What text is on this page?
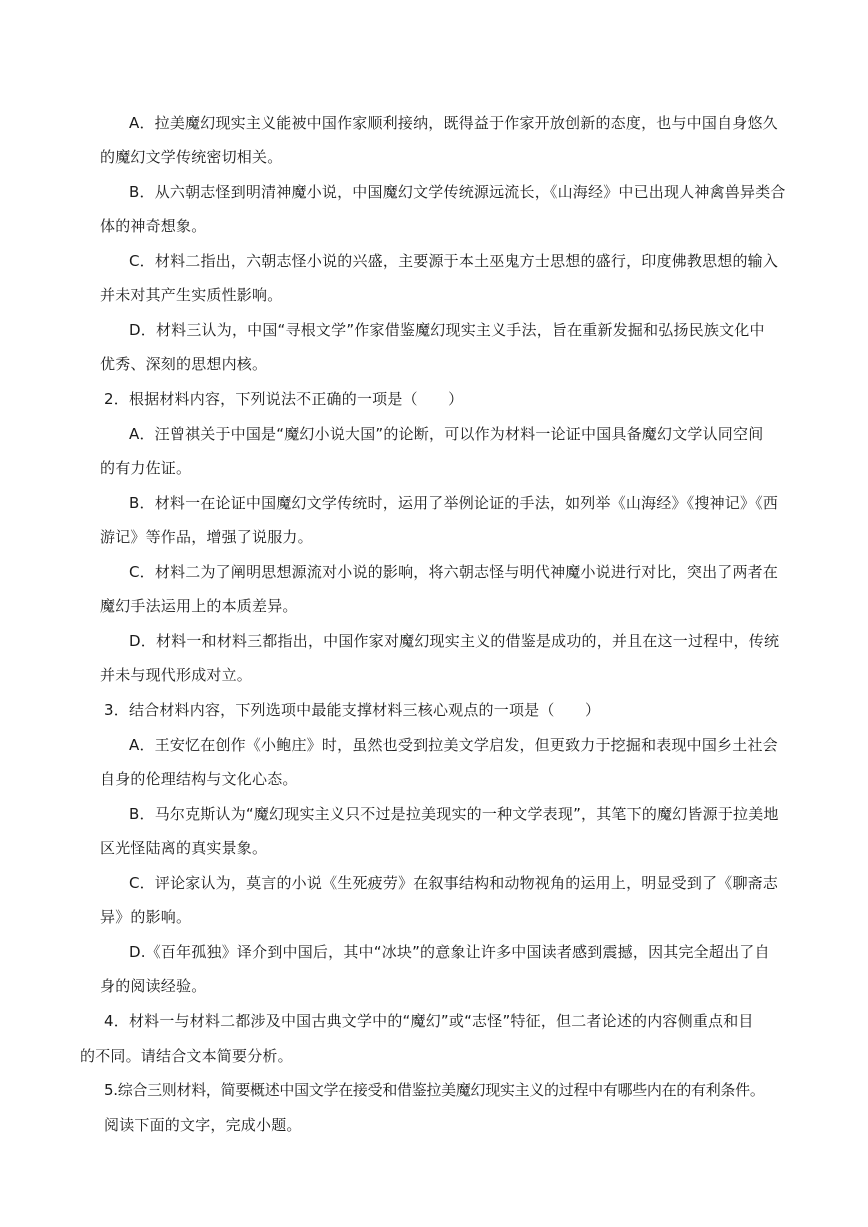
A．拉美魔幻现实主义能被中国作家顺利接纳，既得益于作家开放创新的态度，也与中国自身悠久
的魔幻文学传统密切相关。
B．从六朝志怪到明清神魔小说，中国魔幻文学传统源远流长，《山海经》中已出现人神禽兽异类合
体的神奇想象。
C．材料二指出，六朝志怪小说的兴盛，主要源于本土巫鬼方士思想的盛行，印度佛教思想的输入
并未对其产生实质性影响。
D．材料三认为，中国“寻根文学”作家借鉴魔幻现实主义手法，旨在重新发掘和弘扬民族文化中
优秀、深刻的思想内核。
2．根据材料内容，下列说法不正确的一项是（　　）
A．汪曾祺关于中国是“魔幻小说大国”的论断，可以作为材料一论证中国具备魔幻文学认同空间
的有力佐证。
B．材料一在论证中国魔幻文学传统时，运用了举例论证的手法，如列举《山海经》《搜神记》《西
游记》等作品，增强了说服力。
C．材料二为了阐明思想源流对小说的影响，将六朝志怪与明代神魔小说进行对比，突出了两者在
魔幻手法运用上的本质差异。
D．材料一和材料三都指出，中国作家对魔幻现实主义的借鉴是成功的，并且在这一过程中，传统
并未与现代形成对立。
3．结合材料内容，下列选项中最能支撑材料三核心观点的一项是（　　）
A．王安忆在创作《小鲍庄》时，虽然也受到拉美文学启发，但更致力于挖掘和表现中国乡土社会
自身的伦理结构与文化心态。
B．马尔克斯认为“魔幻现实主义只不过是拉美现实的一种文学表现”，其笔下的魔幻皆源于拉美地
区光怪陆离的真实景象。
C．评论家认为，莫言的小说《生死疲劳》在叙事结构和动物视角的运用上，明显受到了《聊斋志
异》的影响。
D.《百年孤独》译介到中国后，其中“冰块”的意象让许多中国读者感到震撼，因其完全超出了自
身的阅读经验。
4．材料一与材料二都涉及中国古典文学中的“魔幻”或“志怪”特征，但二者论述的内容侧重点和目
的不同。请结合文本简要分析。
5.综合三则材料，简要概述中国文学在接受和借鉴拉美魔幻现实主义的过程中有哪些内在的有利条件。
阅读下面的文字，完成小题。
